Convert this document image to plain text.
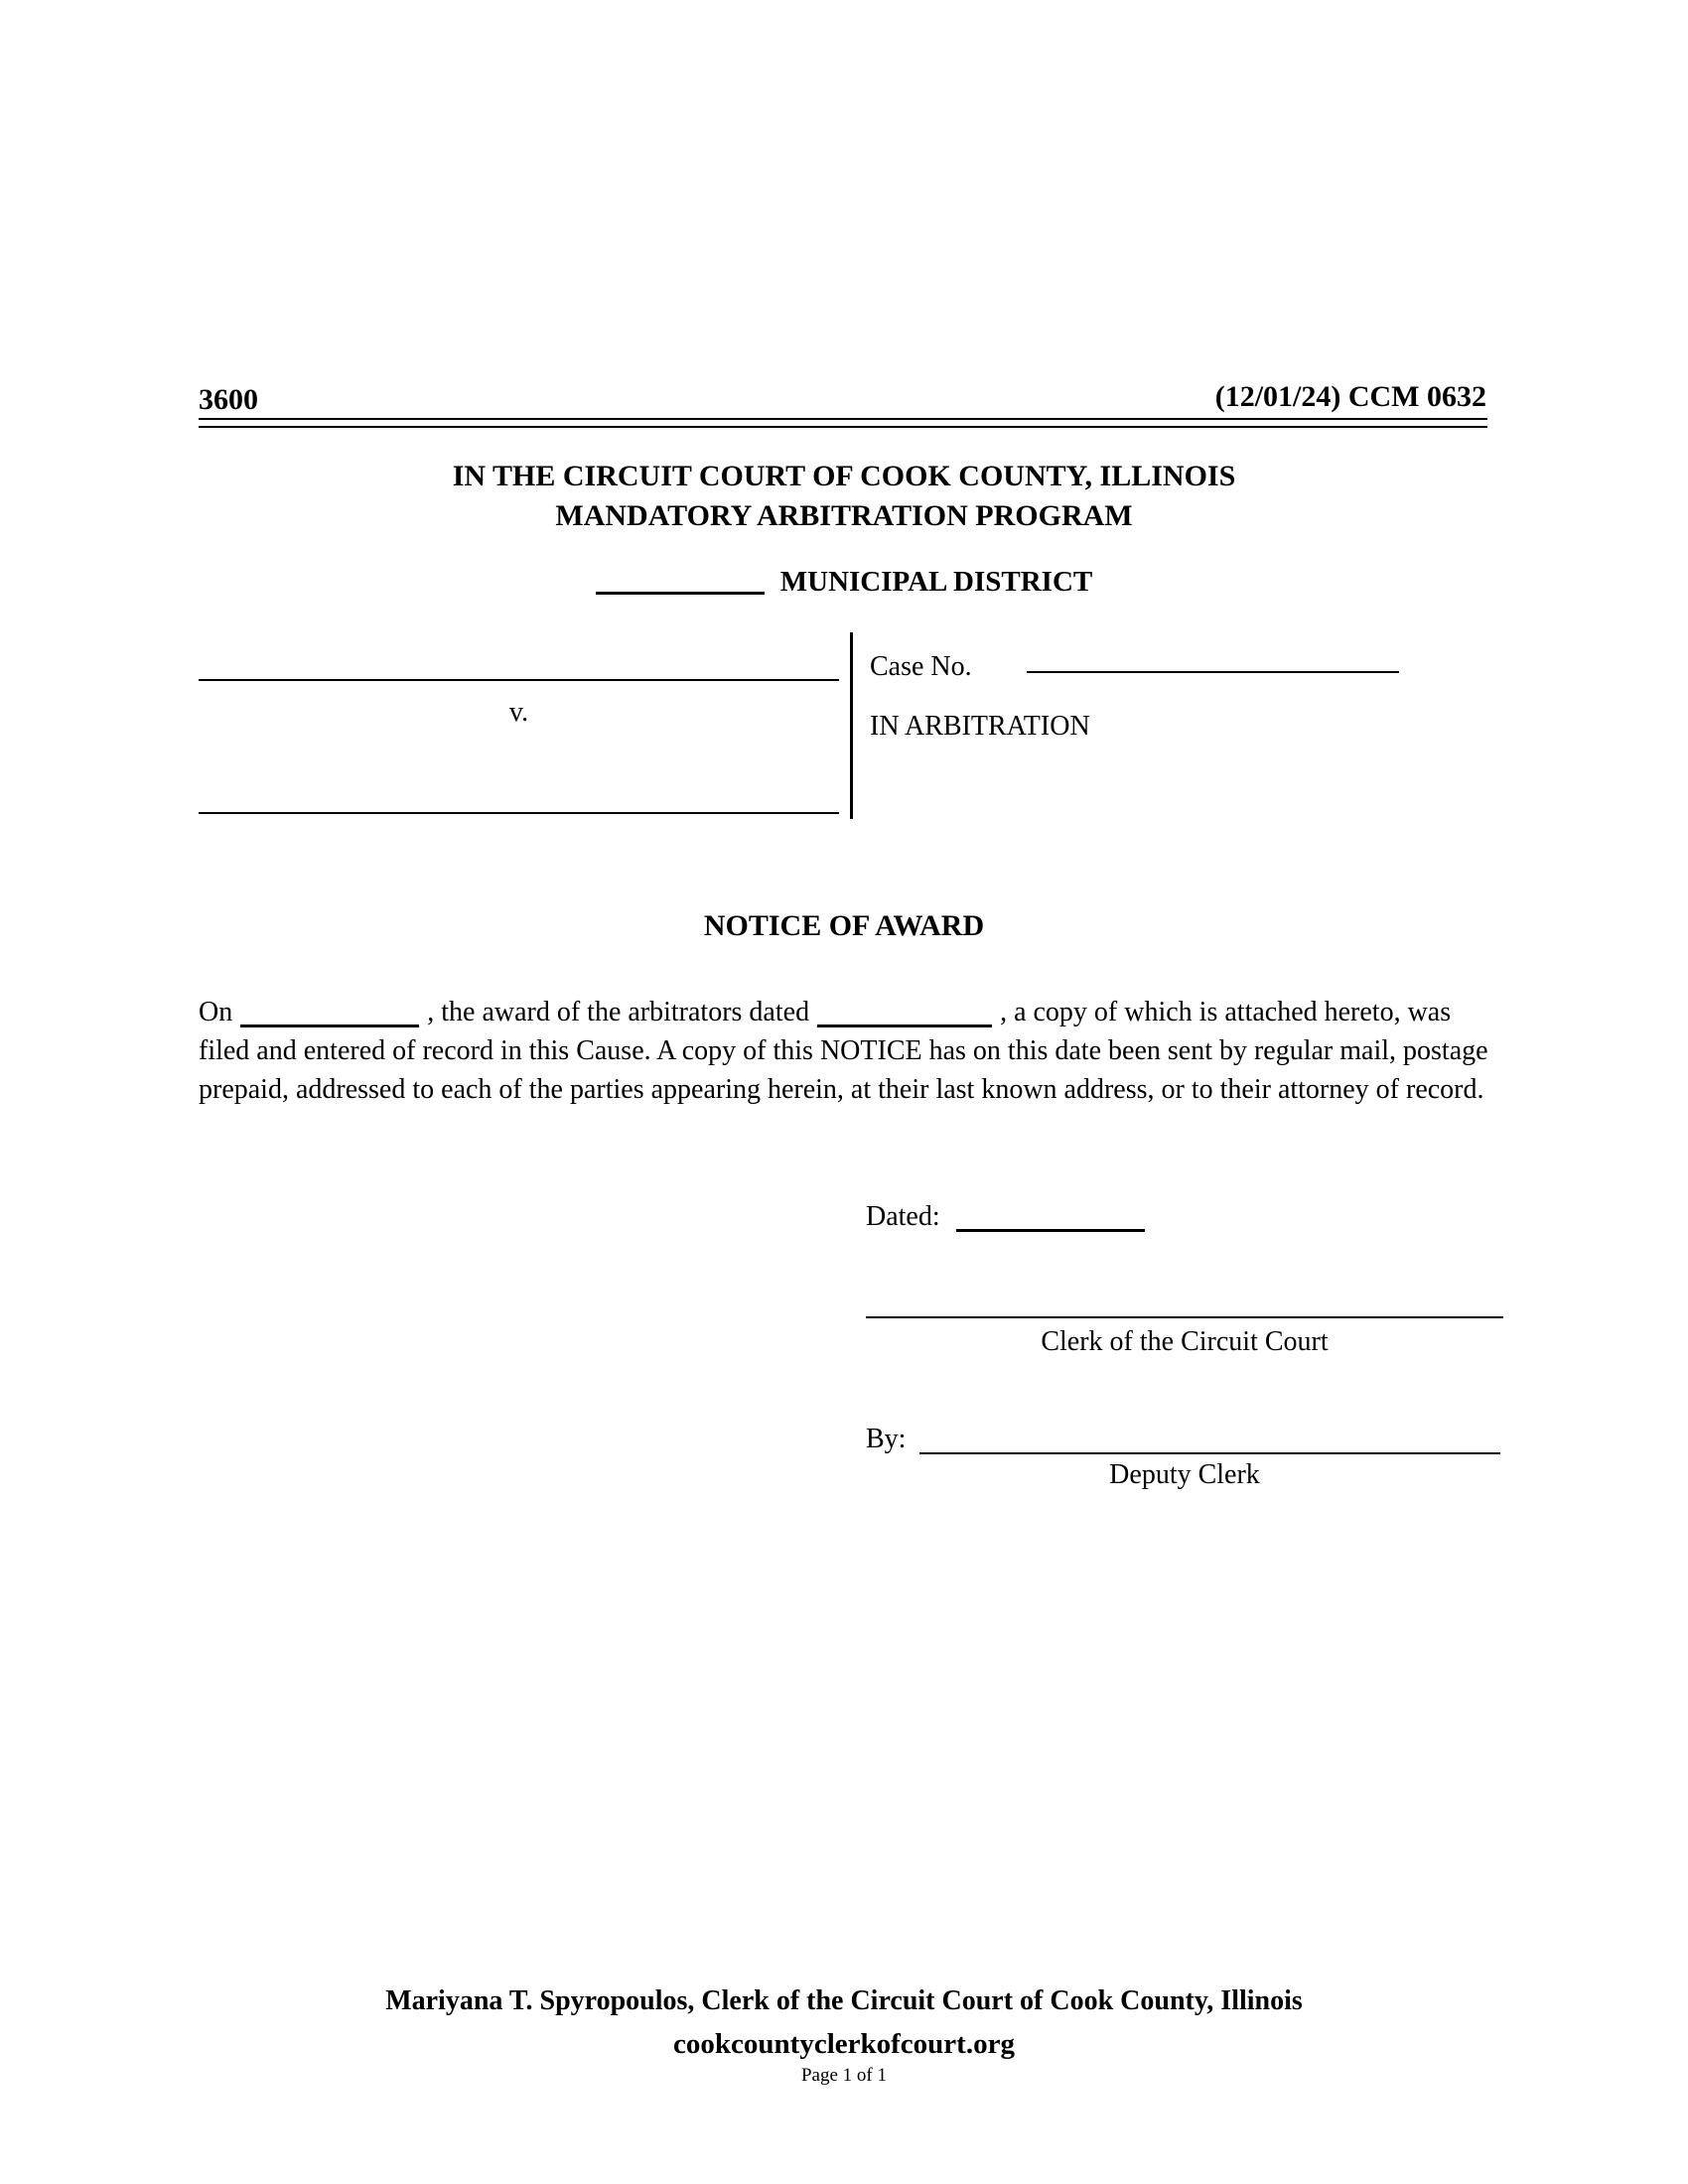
3600	(12/01/24) CCM 0632
IN THE CIRCUIT COURT OF COOK COUNTY, ILLINOIS
MANDATORY ARBITRATION PROGRAM
MUNICIPAL DISTRICT
v.
Case No.
IN ARBITRATION
NOTICE OF AWARD
On	, the award of the arbitrators dated	, a copy of which is attached hereto, was filed and entered of record in this Cause. A copy of this NOTICE has on this date been sent by regular mail, postage prepaid, addressed to each of the parties appearing herein, at their last known address, or to their attorney of record.
Dated:
Clerk of the Circuit Court
By:
Deputy Clerk
Mariyana T. Spyropoulos, Clerk of the Circuit Court of Cook County, Illinois
cookcountyclerkofcourt.org
Page 1 of 1
